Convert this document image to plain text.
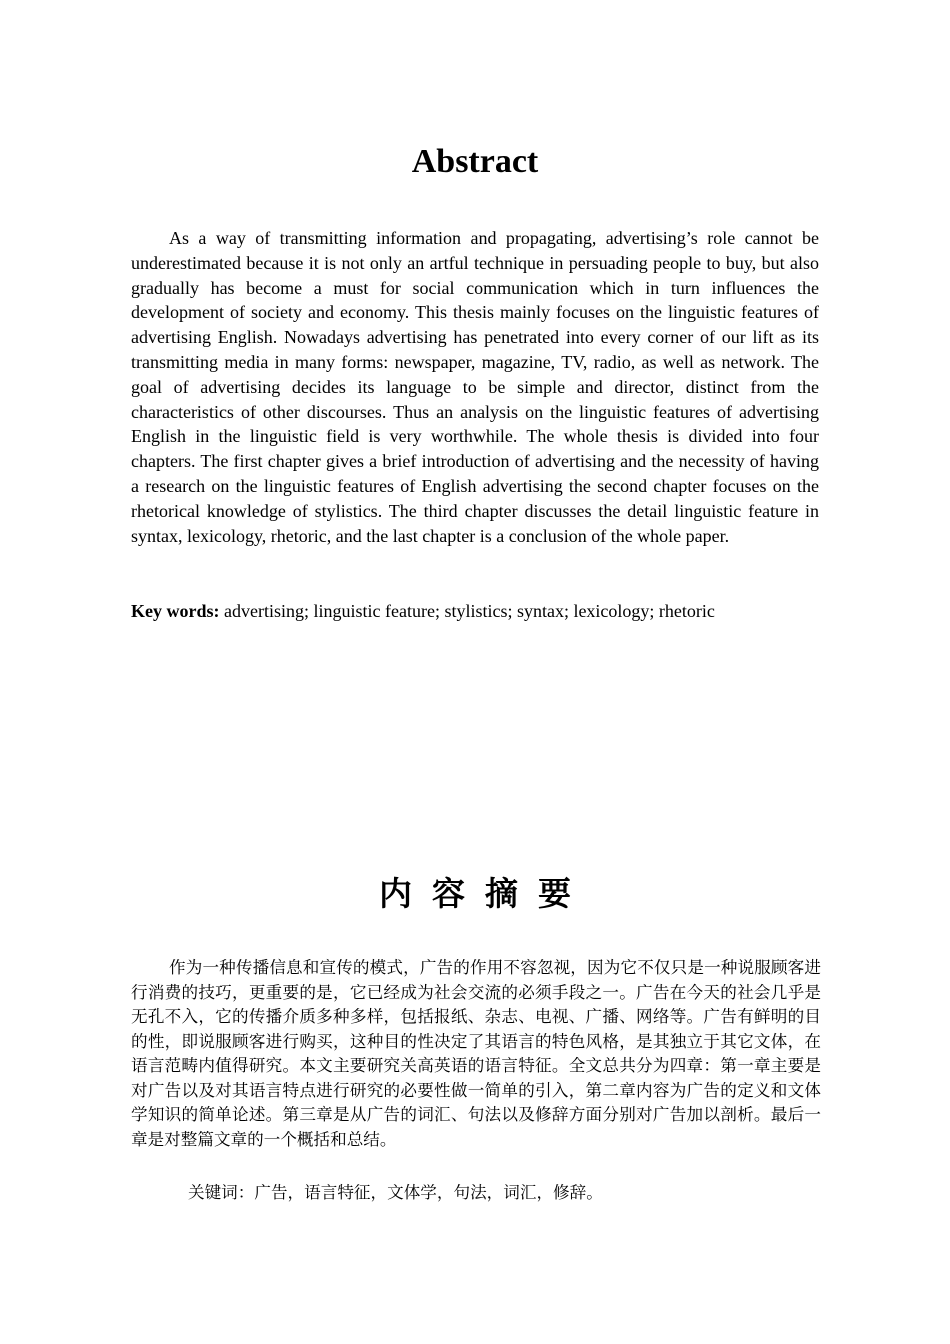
Abstract

As a way of transmitting information and propagating, advertising’s role cannot be underestimated because it is not only an artful technique in persuading people to buy, but also gradually has become a must for social communication which in turn influences the development of society and economy. This thesis mainly focuses on the linguistic features of advertising English. Nowadays advertising has penetrated into every corner of our lift as its transmitting media in many forms: newspaper, magazine, TV, radio, as well as network. The goal of advertising decides its language to be simple and director, distinct from the characteristics of other discourses. Thus an analysis on the linguistic features of advertising English in the linguistic field is very worthwhile. The whole thesis is divided into four chapters. The first chapter gives a brief introduction of advertising and the necessity of having a research on the linguistic features of English advertising the second chapter focuses on the rhetorical knowledge of stylistics. The third chapter discusses the detail linguistic feature in syntax, lexicology, rhetoric, and the last chapter is a conclusion of the whole paper.

Key words: advertising; linguistic feature; stylistics; syntax; lexicology; rhetoric

内容摘要

作为一种传播信息和宣传的模式，广告的作用不容忽视，因为它不仅只是一种说服顾客进行消费的技巧，更重要的是，它已经成为社会交流的必须手段之一。广告在今天的社会几乎是无孔不入，它的传播介质多种多样，包括报纸、杂志、电视、广播、网络等。广告有鲜明的目的性，即说服顾客进行购买，这种目的性决定了其语言的特色风格，是其独立于其它文体，在语言范畴内值得研究。本文主要研究关高英语的语言特征。全文总共分为四章：第一章主要是对广告以及对其语言特点进行研究的必要性做一简单的引入，第二章内容为广告的定义和文体学知识的简单论述。第三章是从广告的词汇、句法以及修辞方面分别对广告加以剖析。最后一章是对整篇文章的一个概括和总结。

关键词：广告，语言特征，文体学，句法，词汇，修辞。
